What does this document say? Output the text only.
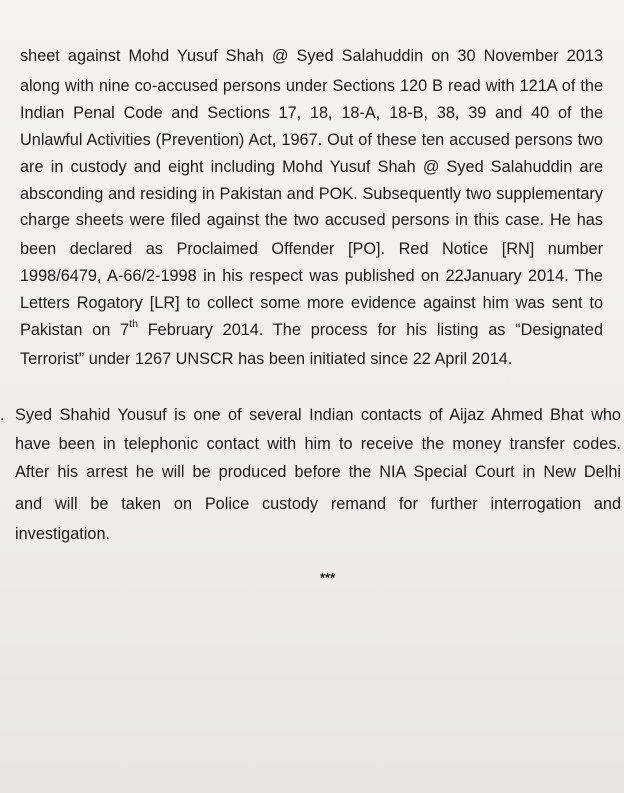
sheet against Mohd Yusuf Shah @ Syed Salahuddin on 30 November 2013
along with nine co-accused persons under Sections 120 B read with 121A of the
Indian Penal Code and Sections 17, 18, 18-A, 18-B, 38, 39 and 40 of the
Unlawful Activities (Prevention) Act, 1967. Out of these ten accused persons two
are in custody and eight including Mohd Yusuf Shah @ Syed Salahuddin are
absconding and residing in Pakistan and POK. Subsequently two supplementary
charge sheets were filed against the two accused persons in this case. He has
been declared as Proclaimed Offender [PO]. Red Notice [RN] number
1998/6479, A-66/2-1998 in his respect was published on 22January 2014. The
Letters Rogatory [LR] to collect some more evidence against him was sent to
Pakistan on 7th February 2014. The process for his listing as “Designated
Terrorist” under 1267 UNSCR has been initiated since 22 April 2014.
. Syed Shahid Yousuf is one of several Indian contacts of Aijaz Ahmed Bhat who
have been in telephonic contact with him to receive the money transfer codes.
After his arrest he will be produced before the NIA Special Court in New Delhi
and will be taken on Police custody remand for further interrogation and
investigation.
***
